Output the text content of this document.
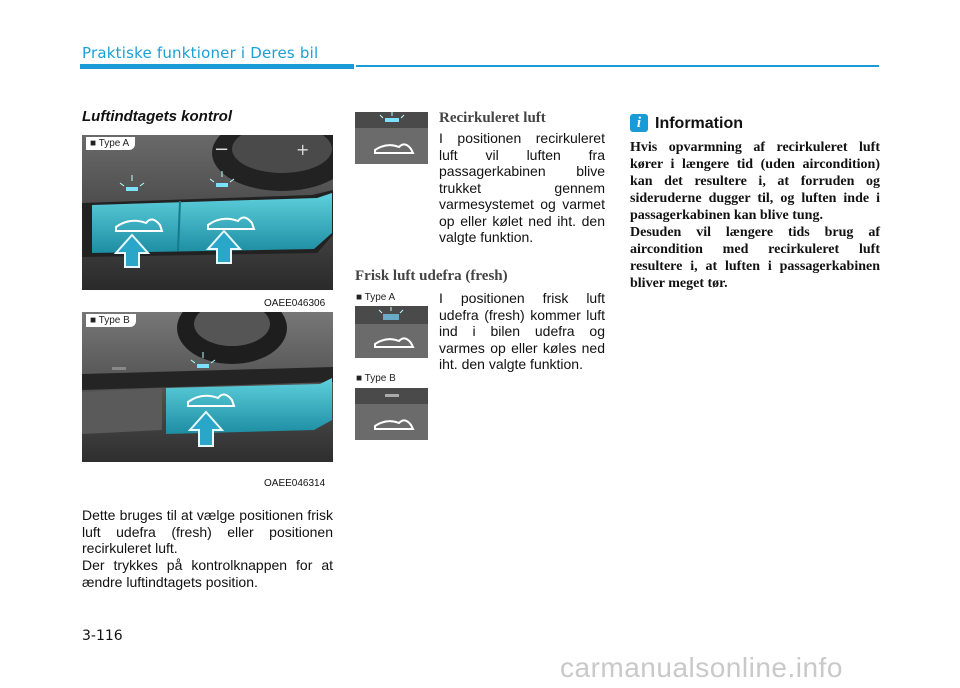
Praktiske funktioner i Deres bil
Luftindtagets kontrol
−	+
■ Type A
OAEE046306
■ Type B
OAEE046314
Dette bruges til at vælge positionen frisk luft udefra (fresh) eller positionen recirkuleret luft.
Der trykkes på kontrolknappen for at ændre luftindtagets position.
Recirkuleret luft
I positionen recirkuleret luft vil luften fra passagerkabinen blive trukket gennem varmesystemet og varmet op eller kølet ned iht. den valgte funktion.
Frisk luft udefra (fresh)
■ Type A
■ Type B
I positionen frisk luft udefra (fresh) kommer luft ind i bilen udefra og varmes op eller køles ned iht. den valgte funktion.
i Information
Hvis opvarmning af recirkuleret luft kører i længere tid (uden aircondition) kan det resultere i, at forruden og sideruderne dugger til, og luften inde i passagerkabinen kan blive tung.
Desuden vil længere tids brug af aircondition med recirkuleret luft resultere i, at luften i passagerkabinen bliver meget tør.
3-116
carmanualsonline.info
